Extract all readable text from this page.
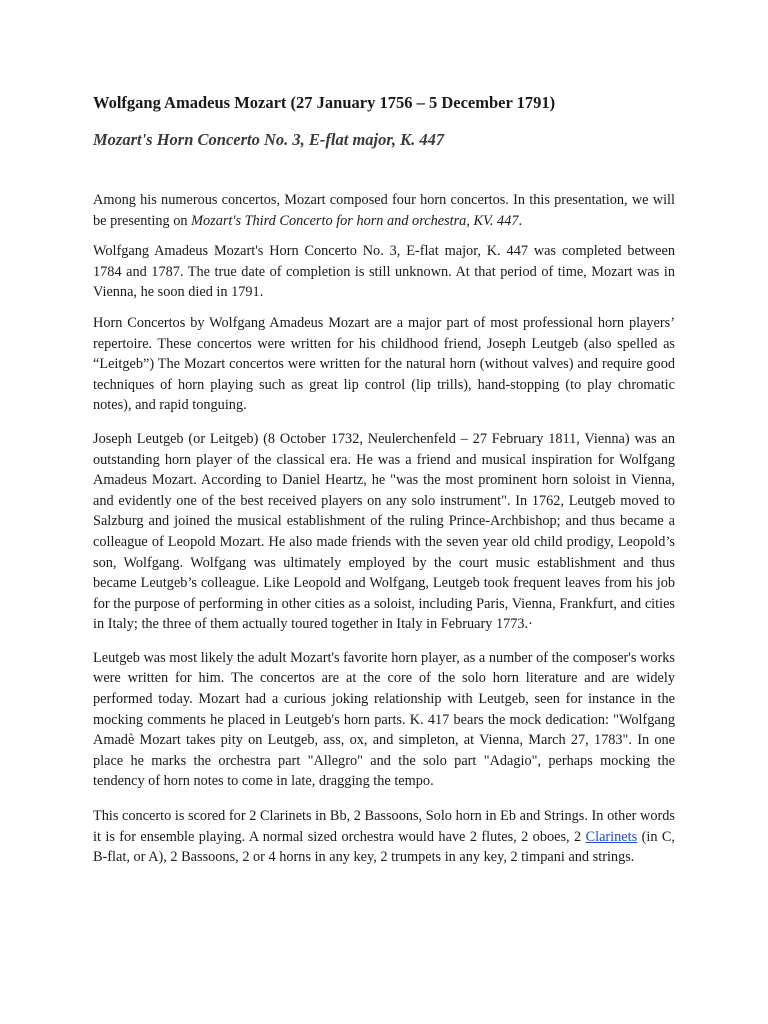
Wolfgang Amadeus Mozart (27 January 1756 – 5 December 1791)
Mozart's Horn Concerto No. 3, E-flat major, K. 447

Among his numerous concertos, Mozart composed four horn concertos. In this presentation, we will be presenting on Mozart's Third Concerto for horn and orchestra, KV. 447.

Wolfgang Amadeus Mozart's Horn Concerto No. 3, E-flat major, K. 447 was completed between 1784 and 1787. The true date of completion is still unknown. At that period of time, Mozart was in Vienna, he soon died in 1791.

Horn Concertos by Wolfgang Amadeus Mozart are a major part of most professional horn players’ repertoire. These concertos were written for his childhood friend, Joseph Leutgeb (also spelled as “Leitgeb”) The Mozart concertos were written for the natural horn (without valves) and require good techniques of horn playing such as great lip control (lip trills), hand-stopping (to play chromatic notes), and rapid tonguing.

Joseph Leutgeb (or Leitgeb) (8 October 1732, Neulerchenfeld – 27 February 1811, Vienna) was an outstanding horn player of the classical era. He was a friend and musical inspiration for Wolfgang Amadeus Mozart. According to Daniel Heartz, he "was the most prominent horn soloist in Vienna, and evidently one of the best received players on any solo instrument". In 1762, Leutgeb moved to Salzburg and joined the musical establishment of the ruling Prince-Archbishop; and thus became a colleague of Leopold Mozart. He also made friends with the seven year old child prodigy, Leopold’s son, Wolfgang. Wolfgang was ultimately employed by the court music establishment and thus became Leutgeb’s colleague. Like Leopold and Wolfgang, Leutgeb took frequent leaves from his job for the purpose of performing in other cities as a soloist, including Paris, Vienna, Frankfurt, and cities in Italy; the three of them actually toured together in Italy in February 1773.·

Leutgeb was most likely the adult Mozart's favorite horn player, as a number of the composer's works were written for him. The concertos are at the core of the solo horn literature and are widely performed today. Mozart had a curious joking relationship with Leutgeb, seen for instance in the mocking comments he placed in Leutgeb's horn parts. K. 417 bears the mock dedication: "Wolfgang Amadè Mozart takes pity on Leutgeb, ass, ox, and simpleton, at Vienna, March 27, 1783". In one place he marks the orchestra part "Allegro" and the solo part "Adagio", perhaps mocking the tendency of horn notes to come in late, dragging the tempo.

This concerto is scored for 2 Clarinets in Bb, 2 Bassoons, Solo horn in Eb and Strings. In other words it is for ensemble playing. A normal sized orchestra would have 2 flutes, 2 oboes, 2 Clarinets (in C, B-flat, or A), 2 Bassoons, 2 or 4 horns in any key, 2 trumpets in any key, 2 timpani and strings.
